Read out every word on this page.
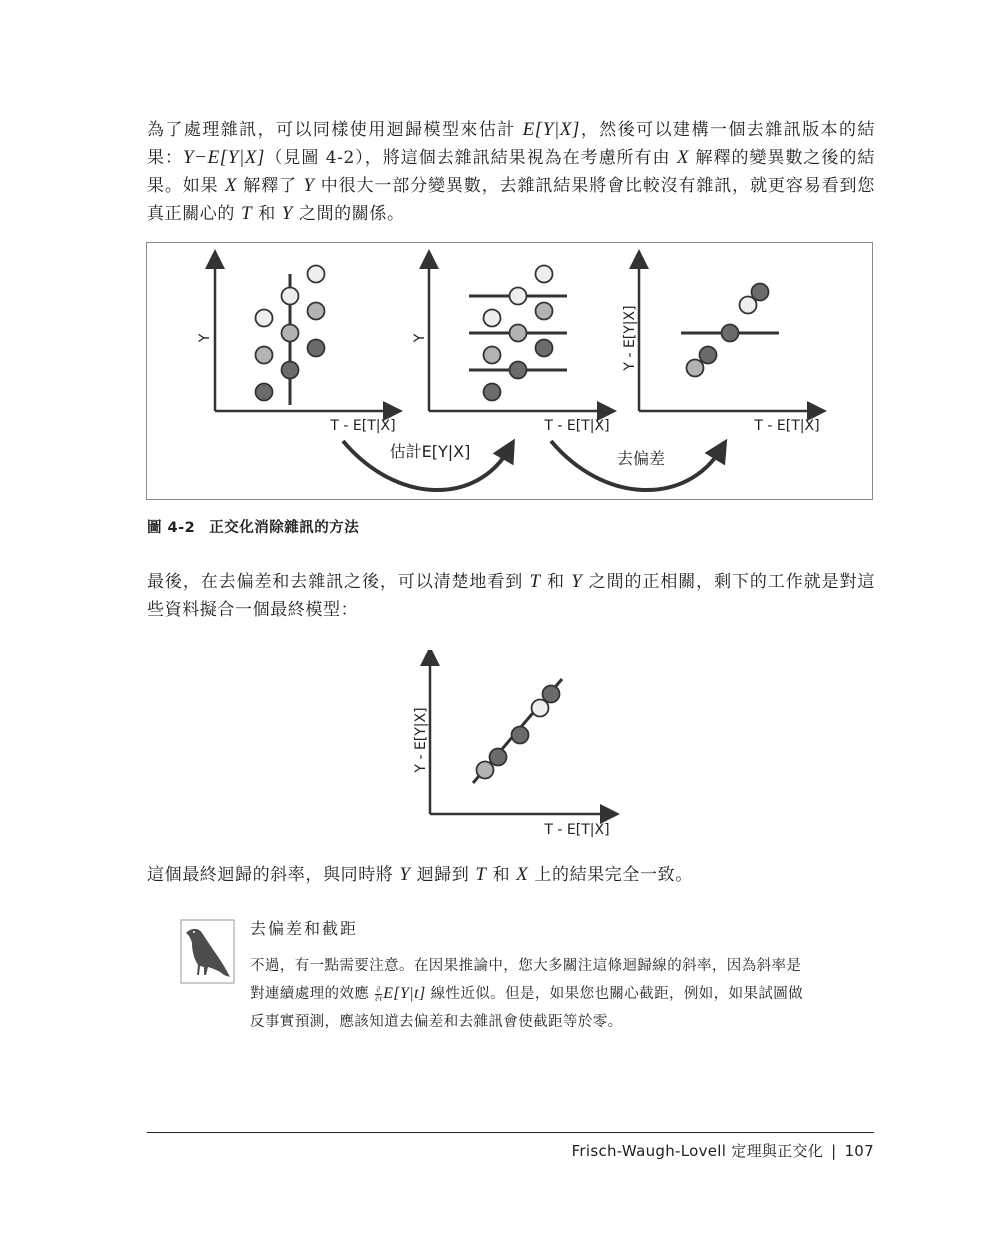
為了處理雜訊，可以同樣使用迴歸模型來估計 E[Y|X]，然後可以建構一個去雜訊版本的結果：Y−E[Y|X]（見圖 4-2），將這個去雜訊結果視為在考慮所有由 X 解釋的變異數之後的結果。如果 X 解釋了 Y 中很大一部分變異數，去雜訊結果將會比較沒有雜訊，就更容易看到您真正關心的 T 和 Y 之間的關係。
Y
T - E[T|X]
Y
T - E[T|X]
Y - E[Y|X]
T - E[T|X]
估計E[Y|X]	去偏差
圖 4-2 正交化消除雜訊的方法
最後，在去偏差和去雜訊之後，可以清楚地看到 T 和 Y 之間的正相關，剩下的工作就是對這些資料擬合一個最終模型：
Y - E[Y|X]
T - E[T|X]
這個最終迴歸的斜率，與同時將 Y 迴歸到 T 和 X 上的結果完全一致。
去偏差和截距
不過，有一點需要注意。在因果推論中，您大多關注這條迴歸線的斜率，因為斜率是對連續處理的效應 $\frac{\partial}{\partial t} E[Y|t]$ 線性近似。但是，如果您也關心截距，例如，如果試圖做反事實預測，應該知道去偏差和去雜訊會使截距等於零。
Frisch-Waugh-Lovell 定理與正交化 | 107
